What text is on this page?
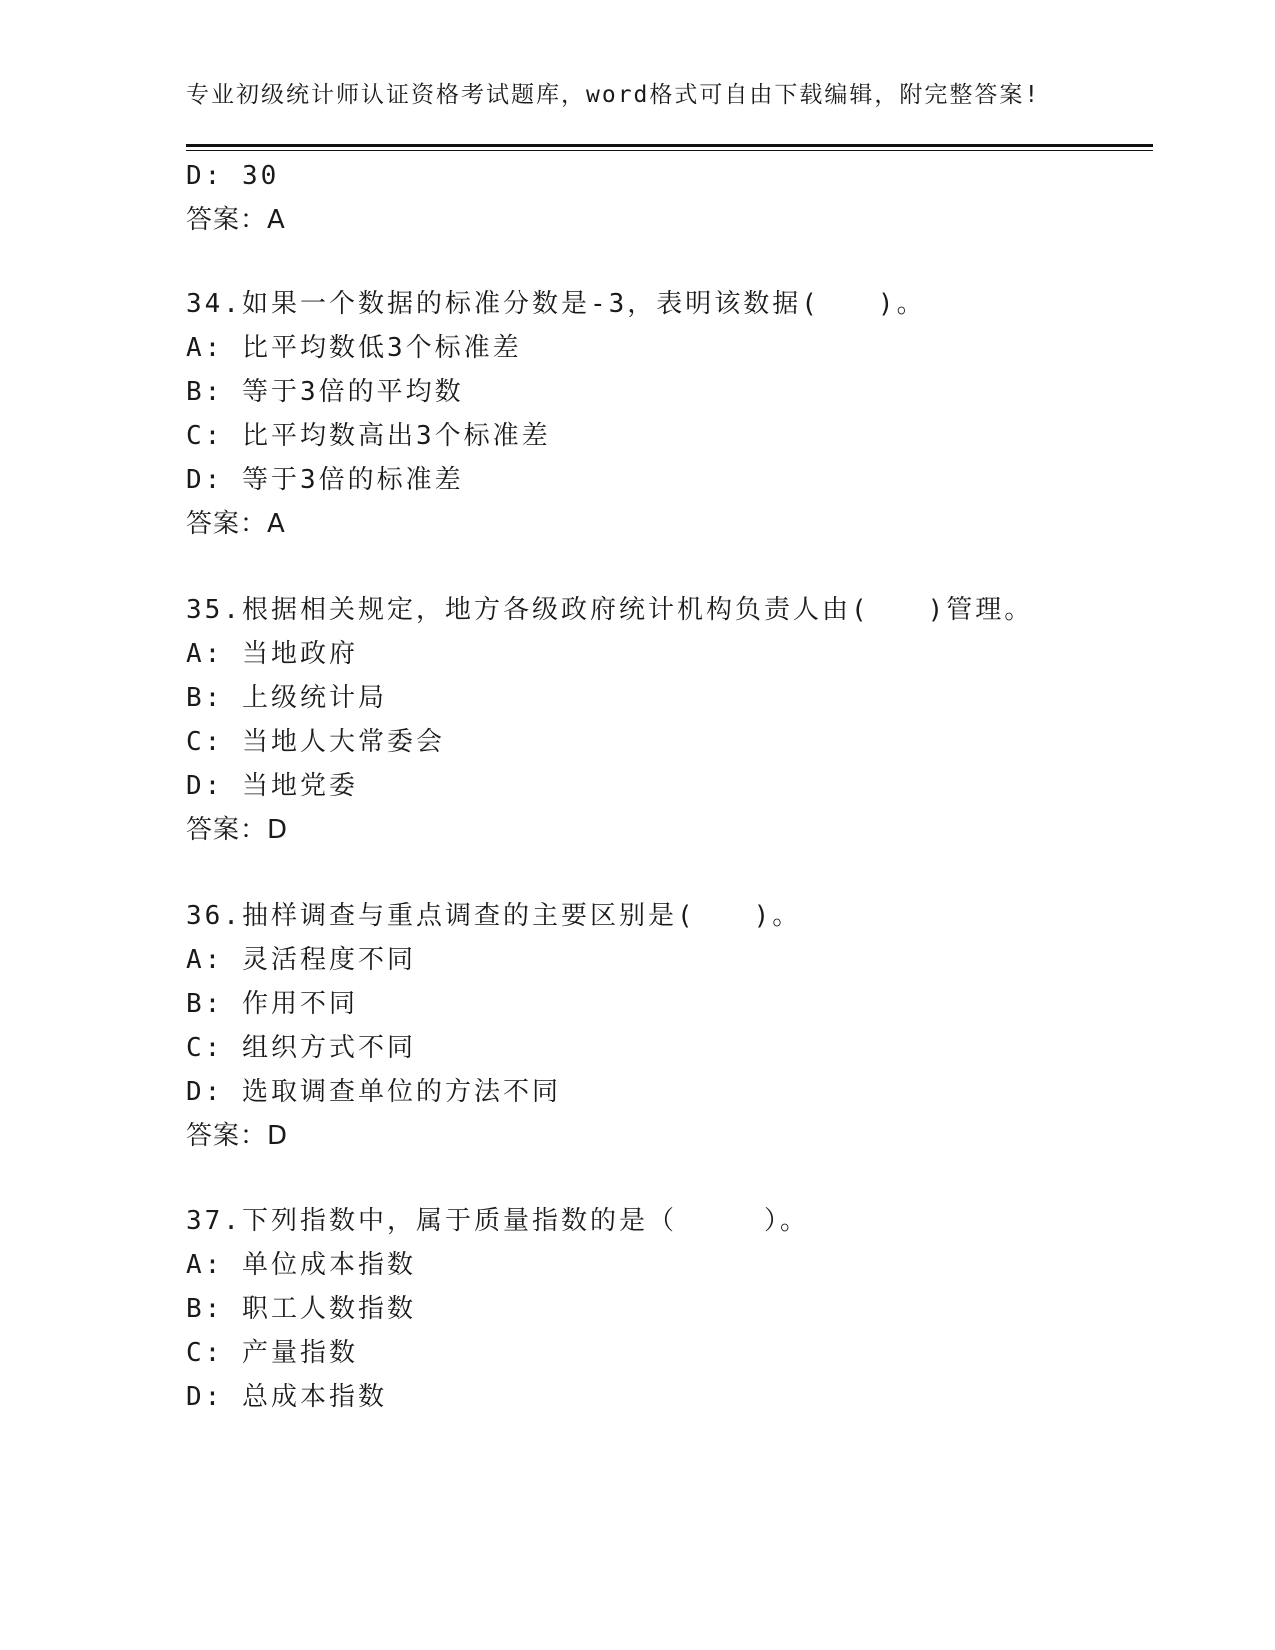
专业初级统计师认证资格考试题库，word格式可自由下载编辑，附完整答案!
D: 30
答案：A
34.如果一个数据的标准分数是-3，表明该数据(　　)。
A: 比平均数低3个标准差
B: 等于3倍的平均数
C: 比平均数高出3个标准差
D: 等于3倍的标准差
答案：A
35.根据相关规定，地方各级政府统计机构负责人由(　　)管理。
A: 当地政府
B: 上级统计局
C: 当地人大常委会
D: 当地党委
答案：D
36.抽样调查与重点调查的主要区别是(　　)。
A: 灵活程度不同
B: 作用不同
C: 组织方式不同
D: 选取调查单位的方法不同
答案：D
37.下列指数中，属于质量指数的是（　　　）。
A: 单位成本指数
B: 职工人数指数
C: 产量指数
D: 总成本指数
